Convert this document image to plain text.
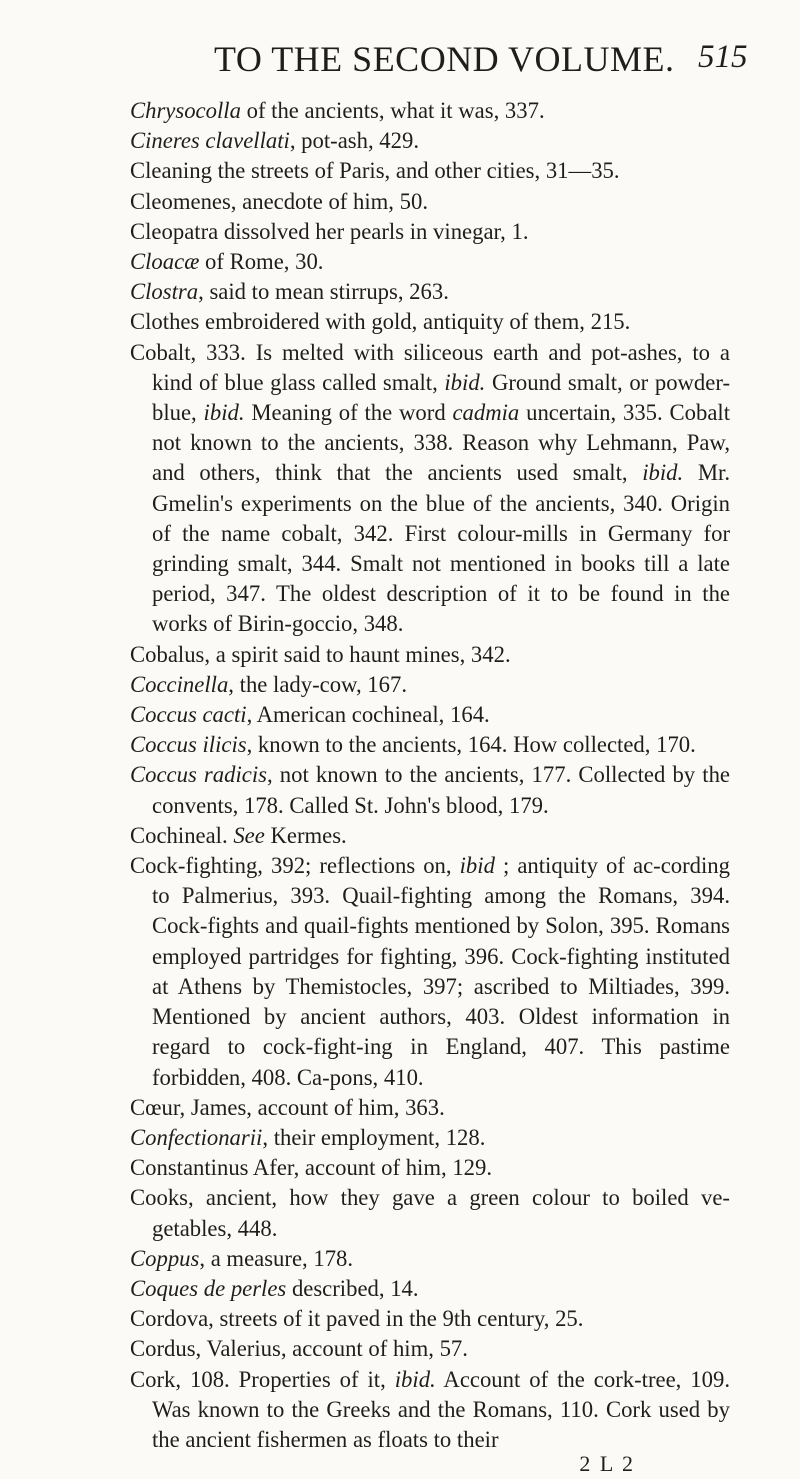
TO THE SECOND VOLUME. 515

Chrysocolla of the ancients, what it was, 337.

Cineres clavellati, pot-ash, 429.

Cleaning the streets of Paris, and other cities, 31—35.

Cleomenes, anecdote of him, 50.

Cleopatra dissolved her pearls in vinegar, 1.

Cloacæ of Rome, 30.

Clostra, said to mean stirrups, 263.

Clothes embroidered with gold, antiquity of them, 215.

Cobalt, 333. Is melted with siliceous earth and pot-ashes, to a kind of blue glass called smalt, ibid. Ground smalt, or powder-blue, ibid. Meaning of the word cadmia uncertain, 335. Cobalt not known to the ancients, 338. Reason why Lehmann, Paw, and others, think that the ancients used smalt, ibid. Mr. Gmelin's experiments on the blue of the ancients, 340. Origin of the name cobalt, 342. First colour-mills in Germany for grinding smalt, 344. Smalt not mentioned in books till a late period, 347. The oldest description of it to be found in the works of Birin-goccio, 348.

Cobalus, a spirit said to haunt mines, 342.

Coccinella, the lady-cow, 167.

Coccus cacti, American cochineal, 164.

Coccus ilicis, known to the ancients, 164. How collected, 170.

Coccus radicis, not known to the ancients, 177. Collected by the convents, 178. Called St. John's blood, 179.

Cochineal. See Kermes.

Cock-fighting, 392; reflections on, ibid ; antiquity of ac-cording to Palmerius, 393. Quail-fighting among the Romans, 394. Cock-fights and quail-fights mentioned by Solon, 395. Romans employed partridges for fighting, 396. Cock-fighting instituted at Athens by Themistocles, 397; ascribed to Miltiades, 399. Mentioned by ancient authors, 403. Oldest information in regard to cock-fight-ing in England, 407. This pastime forbidden, 408. Ca-pons, 410.

Cœur, James, account of him, 363.

Confectionarii, their employment, 128.

Constantinus Afer, account of him, 129.

Cooks, ancient, how they gave a green colour to boiled ve-getables, 448.

Coppus, a measure, 178.

Coques de perles described, 14.

Cordova, streets of it paved in the 9th century, 25.

Cordus, Valerius, account of him, 57.

Cork, 108. Properties of it, ibid. Account of the cork-tree, 109. Was known to the Greeks and the Romans, 110. Cork used by the ancient fishermen as floats to their

2 L 2
